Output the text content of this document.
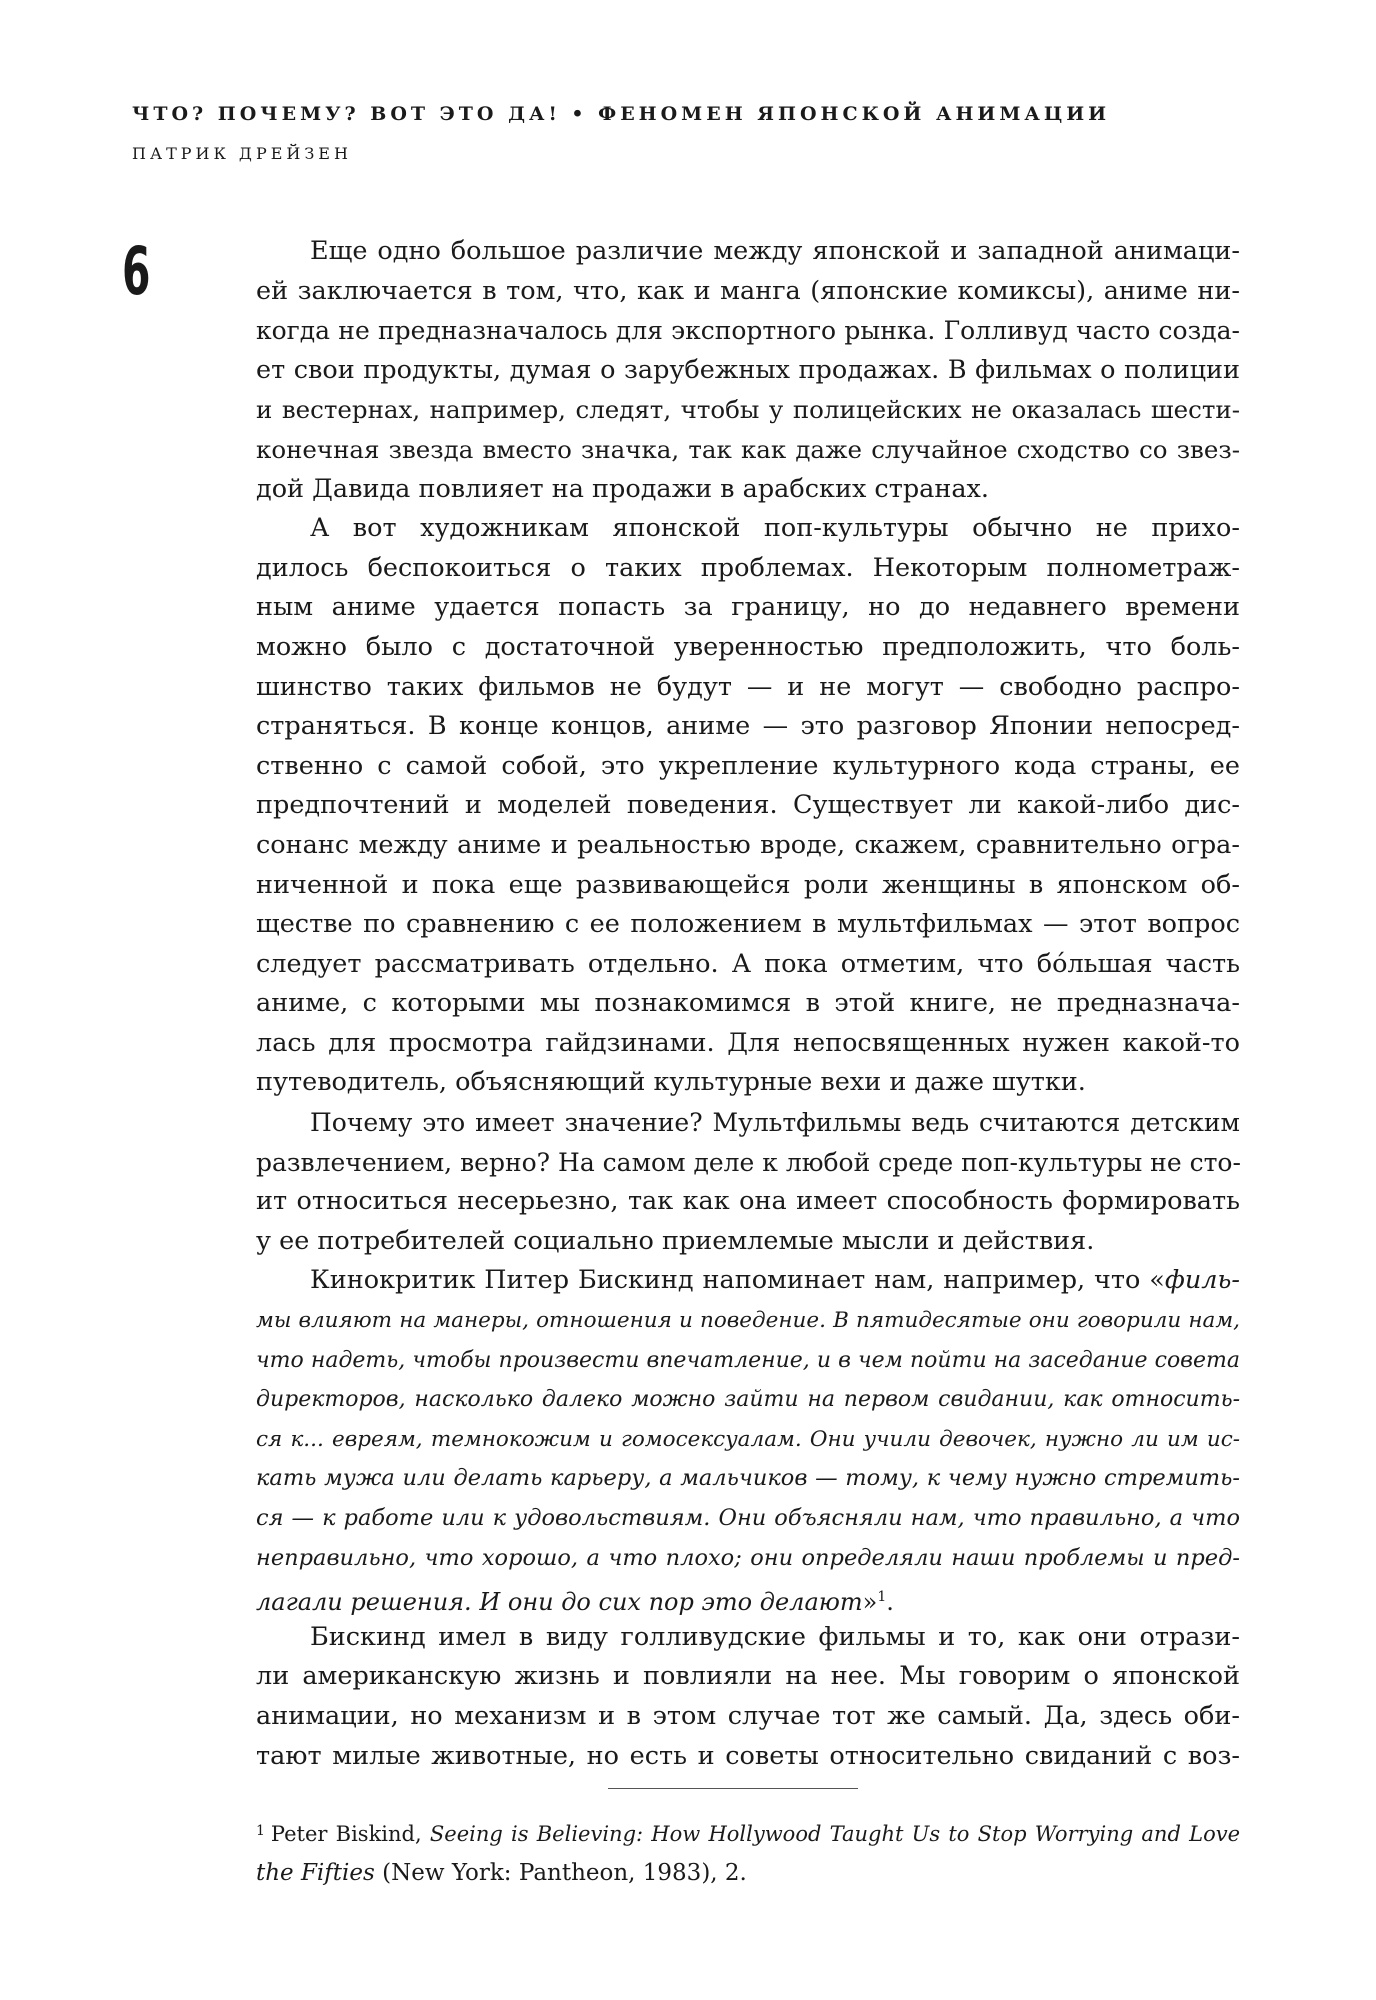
ЧТО? ПОЧЕМУ? ВОТ ЭТО ДА! • ФЕНОМЕН ЯПОНСКОЙ АНИМАЦИИ
ПАТРИК ДРЕЙЗЕН
6	Еще одно большое различие между японской и западной анимаци-
ей заключается в том, что, как и манга (японские комиксы), аниме ни-
когда не предназначалось для экспортного рынка. Голливуд часто созда-
ет свои продукты, думая о зарубежных продажах. В фильмах о полиции
и вестернах, например, следят, чтобы у полицейских не оказалась шести-
конечная звезда вместо значка, так как даже случайное сходство со звез-
дой Давида повлияет на продажи в арабских странах.
А вот художникам японской поп-культуры обычно не прихо-
дилось беспокоиться о таких проблемах. Некоторым полнометраж-
ным аниме удается попасть за границу, но до недавнего времени
можно было с достаточной уверенностью предположить, что боль-
шинство таких фильмов не будут — и не могут — свободно распро-
страняться. В конце концов, аниме — это разговор Японии непосред-
ственно с самой собой, это укрепление культурного кода страны, ее
предпочтений и моделей поведения. Существует ли какой-либо дис-
сонанс между аниме и реальностью вроде, скажем, сравнительно огра-
ниченной и пока еще развивающейся роли женщины в японском об-
ществе по сравнению с ее положением в мультфильмах — этот вопрос
следует рассматривать отдельно. А пока отметим, что бóльшая часть
аниме, с которыми мы познакомимся в этой книге, не предназнача-
лась для просмотра гайдзинами. Для непосвященных нужен какой-то
путеводитель, объясняющий культурные вехи и даже шутки.
Почему это имеет значение? Мультфильмы ведь считаются детским
развлечением, верно? На самом деле к любой среде поп-культуры не сто-
ит относиться несерьезно, так как она имеет способность формировать
у ее потребителей социально приемлемые мысли и действия.
Кинокритик Питер Бискинд напоминает нам, например, что «филь-
мы влияют на манеры, отношения и поведение. В пятидесятые они говорили нам,
что надеть, чтобы произвести впечатление, и в чем пойти на заседание совета
директоров, насколько далеко можно зайти на первом свидании, как относить-
ся к... евреям, темнокожим и гомосексуалам. Они учили девочек, нужно ли им ис-
кать мужа или делать карьеру, а мальчиков — тому, к чему нужно стремить-
ся — к работе или к удовольствиям. Они объясняли нам, что правильно, а что
неправильно, что хорошо, а что плохо; они определяли наши проблемы и пред-
лагали решения. И они до сих пор это делают»$^1$.
Бискинд имел в виду голливудские фильмы и то, как они отрази-
ли американскую жизнь и повлияли на нее. Мы говорим о японской
анимации, но механизм и в этом случае тот же самый. Да, здесь оби-
тают милые животные, но есть и советы относительно свиданий с воз-
$^1$ Peter Biskind, Seeing is Believing: How Hollywood Taught Us to Stop Worrying and Love
the Fifties (New York: Pantheon, 1983), 2.
